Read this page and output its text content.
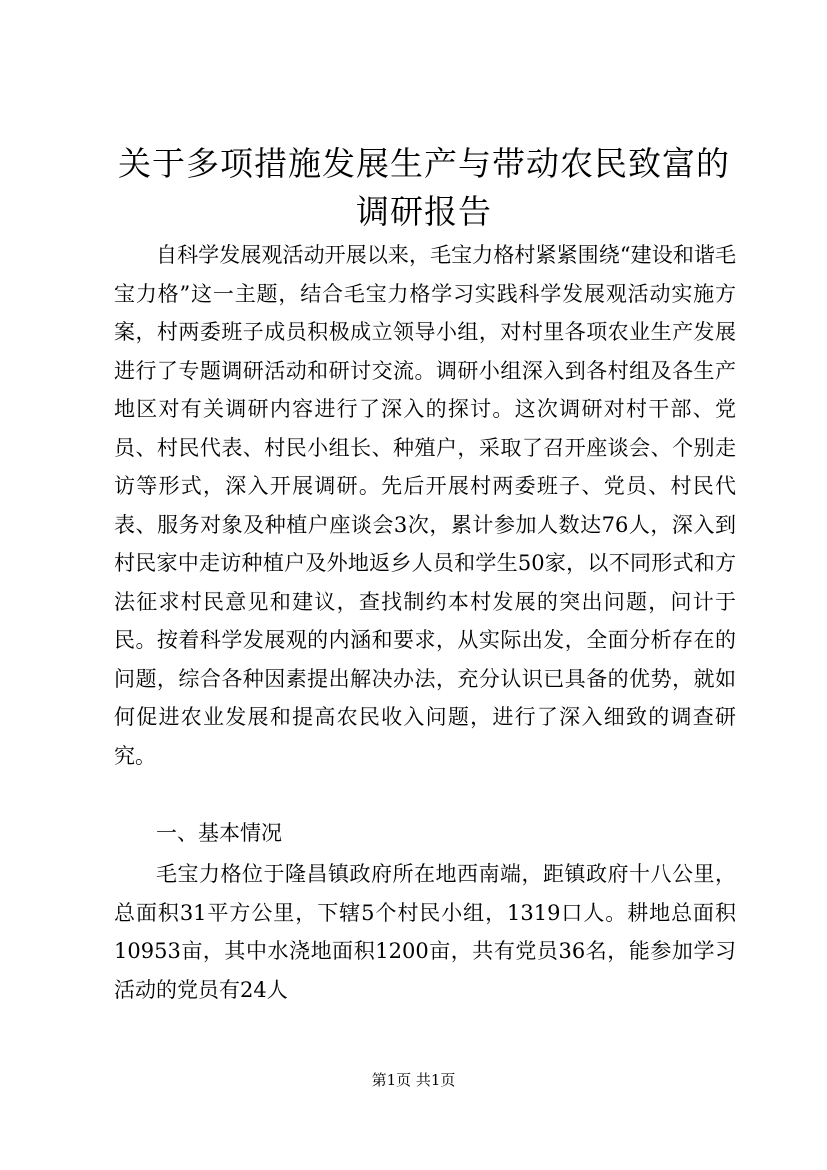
关于多项措施发展生产与带动农民致富的调研报告

自科学发展观活动开展以来，毛宝力格村紧紧围绕“建设和谐毛宝力格”这一主题，结合毛宝力格学习实践科学发展观活动实施方案，村两委班子成员积极成立领导小组，对村里各项农业生产发展进行了专题调研活动和研讨交流。调研小组深入到各村组及各生产地区对有关调研内容进行了深入的探讨。这次调研对村干部、党员、村民代表、村民小组长、种殖户，采取了召开座谈会、个别走访等形式，深入开展调研。先后开展村两委班子、党员、村民代表、服务对象及种植户座谈会3次，累计参加人数达76人，深入到村民家中走访种植户及外地返乡人员和学生50家，以不同形式和方法征求村民意见和建议，查找制约本村发展的突出问题，问计于民。按着科学发展观的内涵和要求，从实际出发，全面分析存在的问题，综合各种因素提出解决办法，充分认识已具备的优势，就如何促进农业发展和提高农民收入问题，进行了深入细致的调查研究。

一、基本情况

毛宝力格位于隆昌镇政府所在地西南端，距镇政府十八公里，总面积31平方公里，下辖5个村民小组，1319口人。耕地总面积10953亩，其中水浇地面积1200亩，共有党员36名，能参加学习活动的党员有24人

第1页 共1页
